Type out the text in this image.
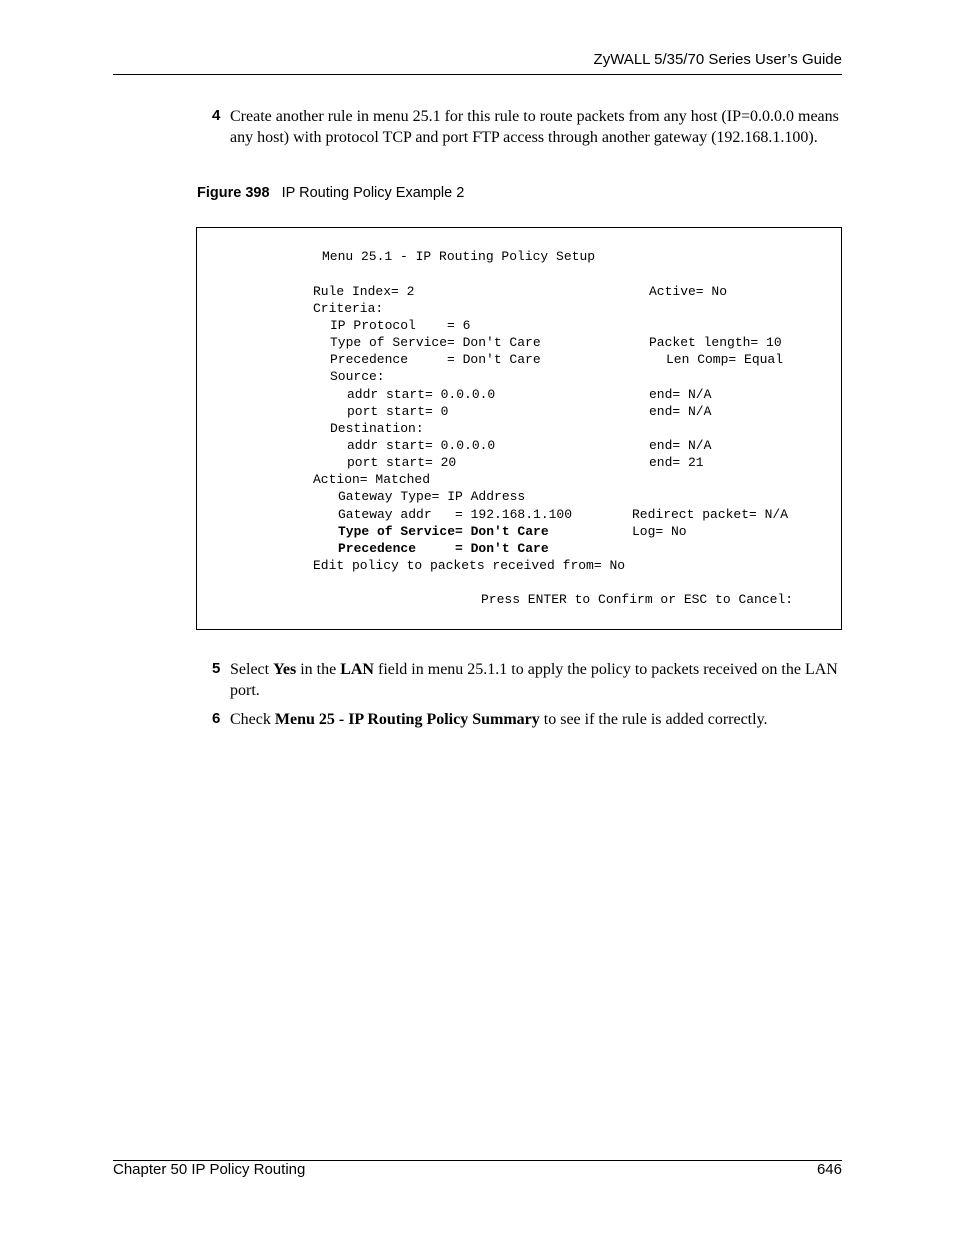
ZyWALL 5/35/70 Series User’s Guide
4 Create another rule in menu 25.1 for this rule to route packets from any host (IP=0.0.0.0 means any host) with protocol TCP and port FTP access through another gateway (192.168.1.100).
Figure 398 IP Routing Policy Example 2
Menu 25.1 - IP Routing Policy Setup
Rule Index= 2	Active= No
Criteria:
IP Protocol    = 6
Type of Service= Don't Care	Packet length= 10
Precedence     = Don't Care	Len Comp= Equal
Source:
addr start= 0.0.0.0	end= N/A
port start= 0	end= N/A
Destination:
addr start= 0.0.0.0	end= N/A
port start= 20	end= 21
Action= Matched
Gateway Type= IP Address
Gateway addr   = 192.168.1.100	Redirect packet= N/A
Type of Service= Don't Care	Log= No
Precedence     = Don't Care
Edit policy to packets received from= No
Press ENTER to Confirm or ESC to Cancel:
5 Select Yes in the LAN field in menu 25.1.1 to apply the policy to packets received on the LAN port.
6 Check Menu 25 - IP Routing Policy Summary to see if the rule is added correctly.
Chapter 50 IP Policy Routing	646
